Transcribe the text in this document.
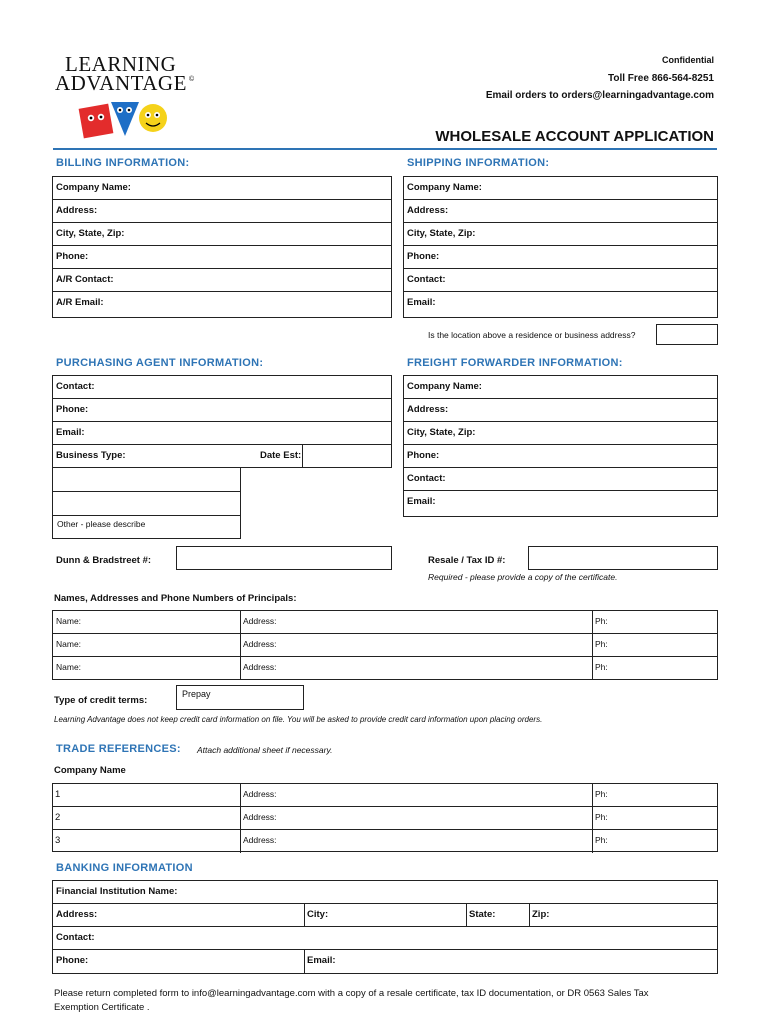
LEARNING
ADVANTAGE ©
Confidential
Toll Free 866-564-8251
Email orders to orders@learningadvantage.com
WHOLESALE ACCOUNT APPLICATION
BILLING INFORMATION:	SHIPPING INFORMATION:
Company Name:
Address:
City, State, Zip:
Phone:
A/R Contact:
A/R Email:
Company Name:
Address:
City, State, Zip:
Phone:
Contact:
Email:
Is the location above a residence or business address?
PURCHASING AGENT INFORMATION:	FREIGHT FORWARDER INFORMATION:
Contact:
Phone:
Email:
Business Type:	Date Est:
Other - please describe
Company Name:
Address:
City, State, Zip:
Phone:
Contact:
Email:
Dunn & Bradstreet #:	Resale / Tax ID #:
Required - please provide a copy of the certificate.
Names, Addresses and Phone Numbers of Principals:
Name:	Address:	Ph:
Name:	Address:	Ph:
Name:	Address:	Ph:
Type of credit terms:
Prepay
Learning Advantage does not keep credit card information on file. You will be asked to provide credit card information upon placing orders.
TRADE REFERENCES: Attach additional sheet if necessary.
Company Name
1	Address:	Ph:
2	Address:	Ph:
3	Address:	Ph:
BANKING INFORMATION
Financial Institution Name:
Address:	City:	State:	Zip:
Contact:
Phone:	Email:
Please return completed form to info@learningadvantage.com with a copy of a resale certificate, tax ID documentation, or DR 0563 Sales Tax
Exemption Certificate .
